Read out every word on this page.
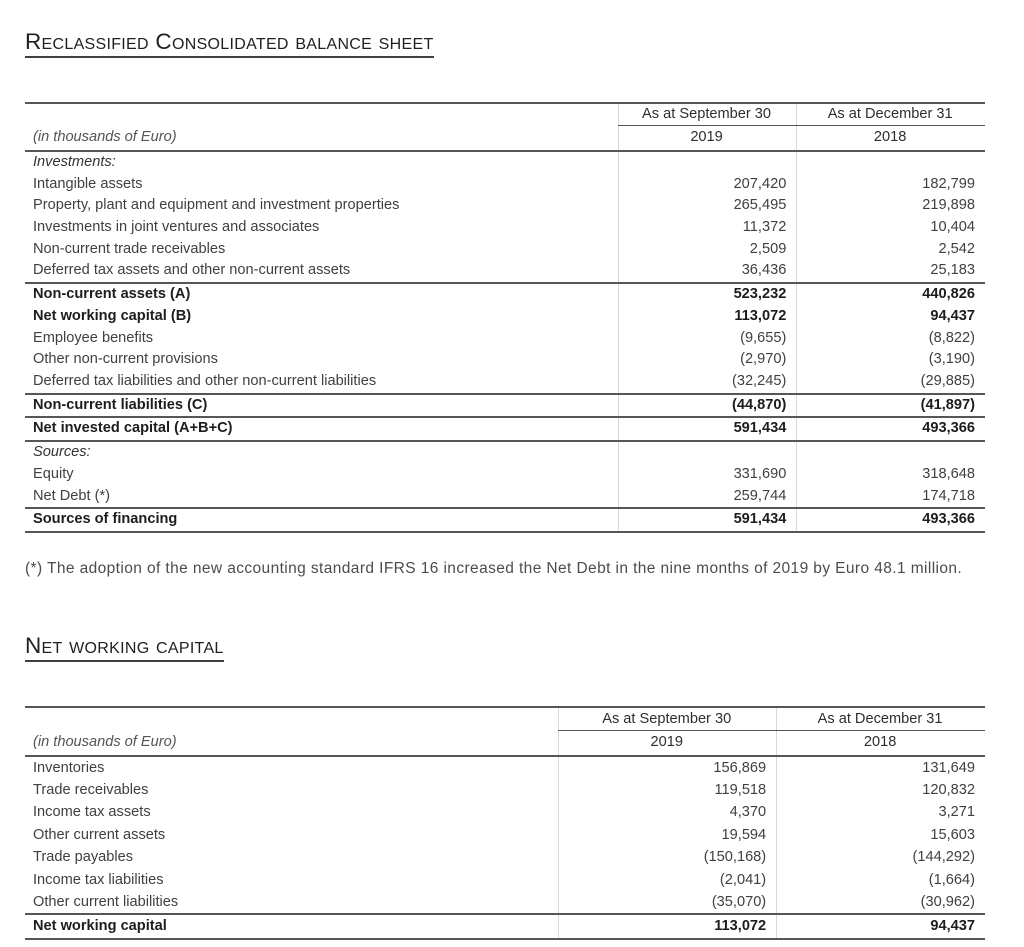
Reclassified Consolidated balance sheet
	As at September 30	As at December 31
(in thousands of Euro)	2019	2018
Investments:		
Intangible assets	207,420	182,799
Property, plant and equipment and investment properties	265,495	219,898
Investments in joint ventures and associates	11,372	10,404
Non-current trade receivables	2,509	2,542
Deferred tax assets and other non-current assets	36,436	25,183
Non-current assets (A)	523,232	440,826
Net working capital (B)	113,072	94,437
Employee benefits	(9,655)	(8,822)
Other non-current provisions	(2,970)	(3,190)
Deferred tax liabilities and other non-current liabilities	(32,245)	(29,885)
Non-current liabilities (C)	(44,870)	(41,897)
Net invested capital (A+B+C)	591,434	493,366
Sources:		
Equity	331,690	318,648
Net Debt (*)	259,744	174,718
Sources of financing	591,434	493,366

(*) The adoption of the new accounting standard IFRS 16 increased the Net Debt in the nine months of 2019 by Euro 48.1 million.

Net working capital
	As at September 30	As at December 31
(in thousands of Euro)	2019	2018
Inventories	156,869	131,649
Trade receivables	119,518	120,832
Income tax assets	4,370	3,271
Other current assets	19,594	15,603
Trade payables	(150,168)	(144,292)
Income tax liabilities	(2,041)	(1,664)
Other current liabilities	(35,070)	(30,962)
Net working capital	113,072	94,437
